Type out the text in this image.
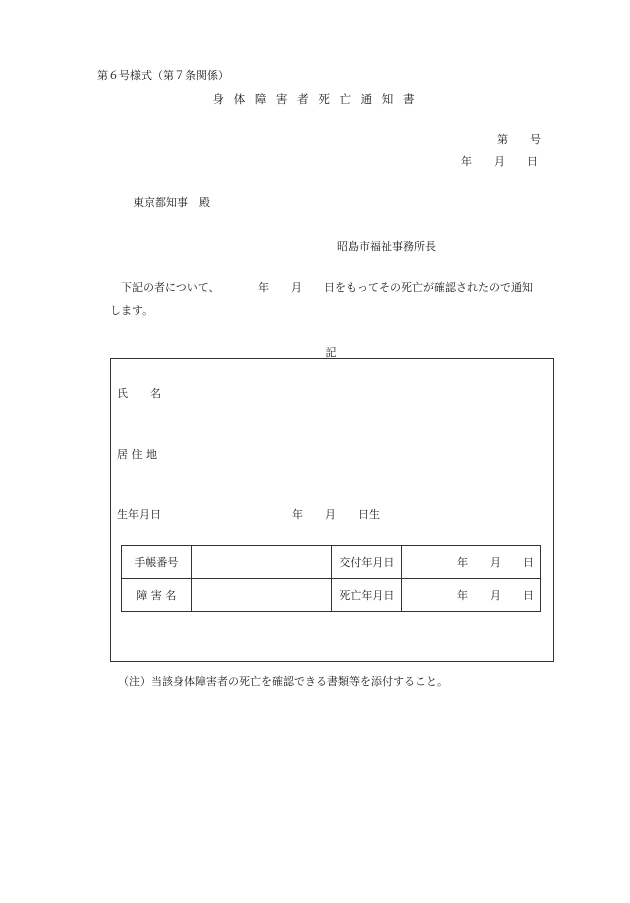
第６号様式（第７条関係）
身 体 障 害 者 死 亡 通 知 書
第　　号
年　　月　　日
東京都知事　殿
昭島市福祉事務所長
下記の者について、　　　　年　　月　　日をもってその死亡が確認されたので通知
します。
記
氏　　名
居 住 地
生年月日	年　　月　　日生
手帳番号		交付年月日	年　　月　　日
障 害 名		死亡年月日	年　　月　　日
（注）当該身体障害者の死亡を確認できる書類等を添付すること。
